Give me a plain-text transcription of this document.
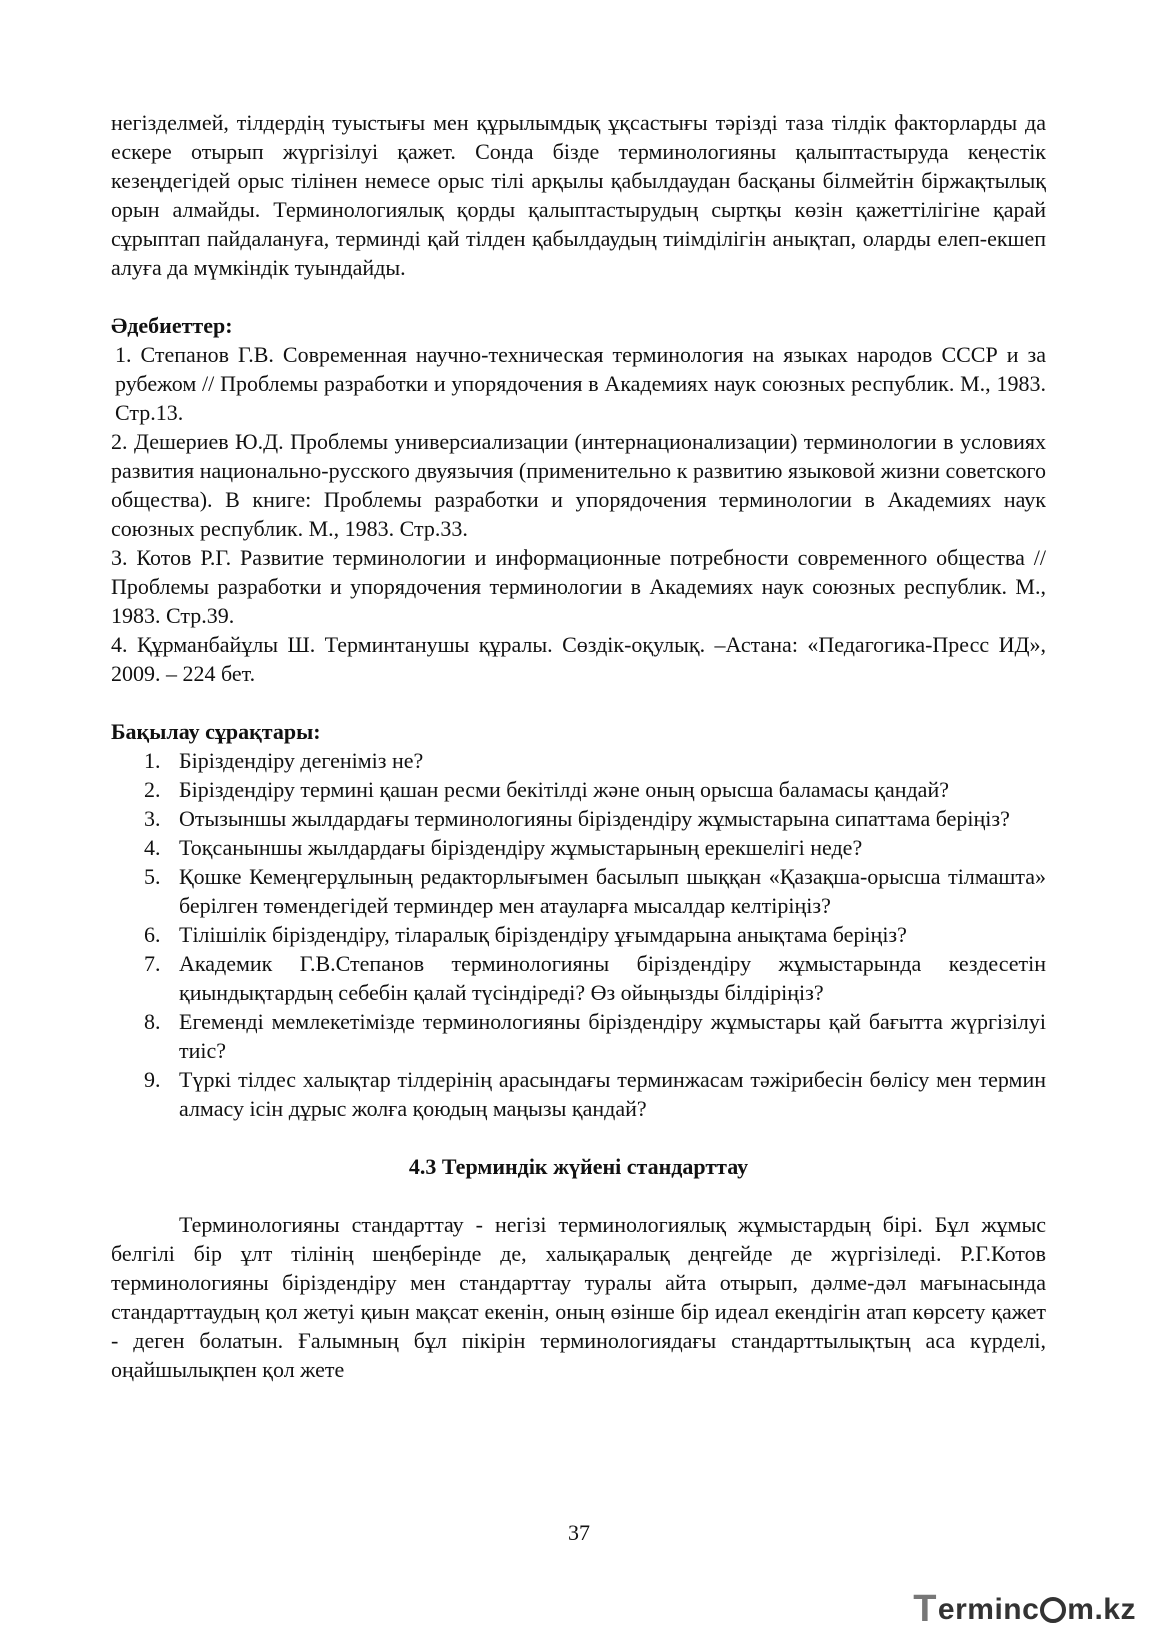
негізделмей, тілдердің туыстығы мен құрылымдық ұқсастығы тәрізді таза тілдік факторларды да ескере отырып жүргізілуі қажет. Сонда бізде терминологияны қалыптастыруда кеңестік кезеңдегідей орыс тілінен немесе орыс тілі арқылы қабылдаудан басқаны білмейтін біржақтылық орын алмайды. Терминологиялық қорды қалыптастырудың сыртқы көзін қажеттілігіне қарай сұрыптап пайдалануға, терминді қай тілден қабылдаудың тиімділігін анықтап, оларды елеп-екшеп алуға да мүмкіндік туындайды.

Әдебиеттер:

1. Степанов Г.В. Современная научно-техническая терминология на языках народов СССР и за рубежом // Проблемы разработки и упорядочения в Академиях наук союзных республик. М., 1983. Стр.13.

2. Дешериев Ю.Д. Проблемы универсиализации (интернационализации) терминологии в условиях развития национально-русского двуязычия (применительно к развитию языковой жизни советского общества). В книге: Проблемы разработки и упорядочения терминологии в Академиях наук союзных республик. М., 1983. Стр.33.

3. Котов Р.Г. Развитие терминологии и информационные потребности современного общества // Проблемы разработки и упорядочения терминологии в Академиях наук союзных республик. М., 1983. Стр.39.

4. Құрманбайұлы Ш. Терминтанушы құралы. Сөздік-оқулық. –Астана: «Педагогика-Пресс ИД», 2009. – 224 бет.

Бақылау сұрақтары:

1. Біріздендіру дегеніміз не?
2. Біріздендіру термині қашан ресми бекітілді және оның орысша баламасы қандай?
3. Отызыншы жылдардағы терминологияны біріздендіру жұмыстарына сипаттама беріңіз?
4. Тоқсаныншы жылдардағы біріздендіру жұмыстарының ерекшелігі неде?
5. Қошке Кемеңгерұлының редакторлығымен басылып шыққан «Қазақша-орысша тілмашта» берілген төмендегідей терминдер мен атауларға мысалдар келтіріңіз?
6. Тілішілік біріздендіру, тіларалық біріздендіру ұғымдарына анықтама беріңіз?
7. Академик Г.В.Степанов терминологияны біріздендіру жұмыстарында кездесетін қиындықтардың себебін қалай түсіндіреді? Өз ойыңызды білдіріңіз?
8. Егеменді мемлекетімізде терминологияны біріздендіру жұмыстары қай бағытта жүргізілуі тиіс?
9. Түркі тілдес халықтар тілдерінің арасындағы терминжасам тәжірибесін бөлісу мен термин алмасу ісін дұрыс жолға қоюдың маңызы қандай?

4.3 Терминдік жүйені стандарттау

Терминологияны стандарттау - негізі терминологиялық жұмыстардың бірі. Бұл жұмыс белгілі бір ұлт тілінің шеңберінде де, халықаралық деңгейде де жүргізіледі. Р.Г.Котов терминологияны біріздендіру мен стандарттау туралы айта отырып, дәлме-дәл мағынасында стандарттаудың қол жетуі қиын мақсат екенін, оның өзінше бір идеал екендігін атап көрсету қажет - деген болатын. Ғалымның бұл пікірін терминологиядағы стандарттылықтың аса күрделі, оңайшылықпен қол жете

37
T erminc m.kz
